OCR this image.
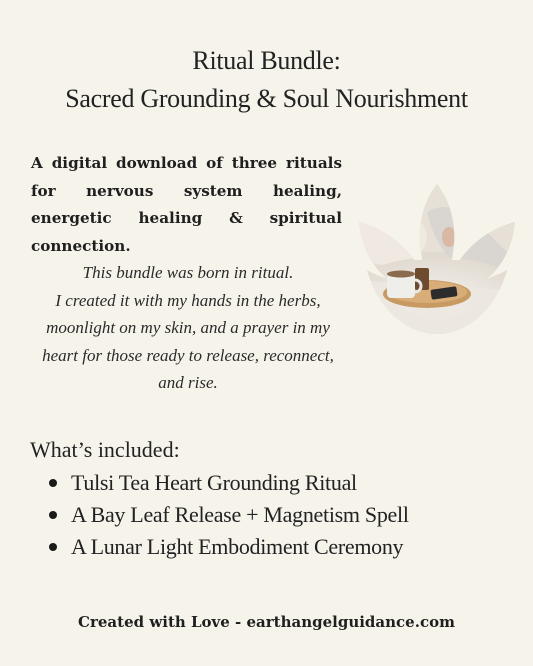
Ritual Bundle:
Sacred Grounding & Soul Nourishment
A digital download of three rituals for nervous system healing, energetic healing & spiritual connection.
This bundle was born in ritual.
I created it with my hands in the herbs,
moonlight on my skin, and a prayer in my
heart for those ready to release, reconnect,
and rise.
What’s included:
Tulsi Tea Heart Grounding Ritual
A Bay Leaf Release + Magnetism Spell
A Lunar Light Embodiment Ceremony
Created with Love - earthangelguidance.com
